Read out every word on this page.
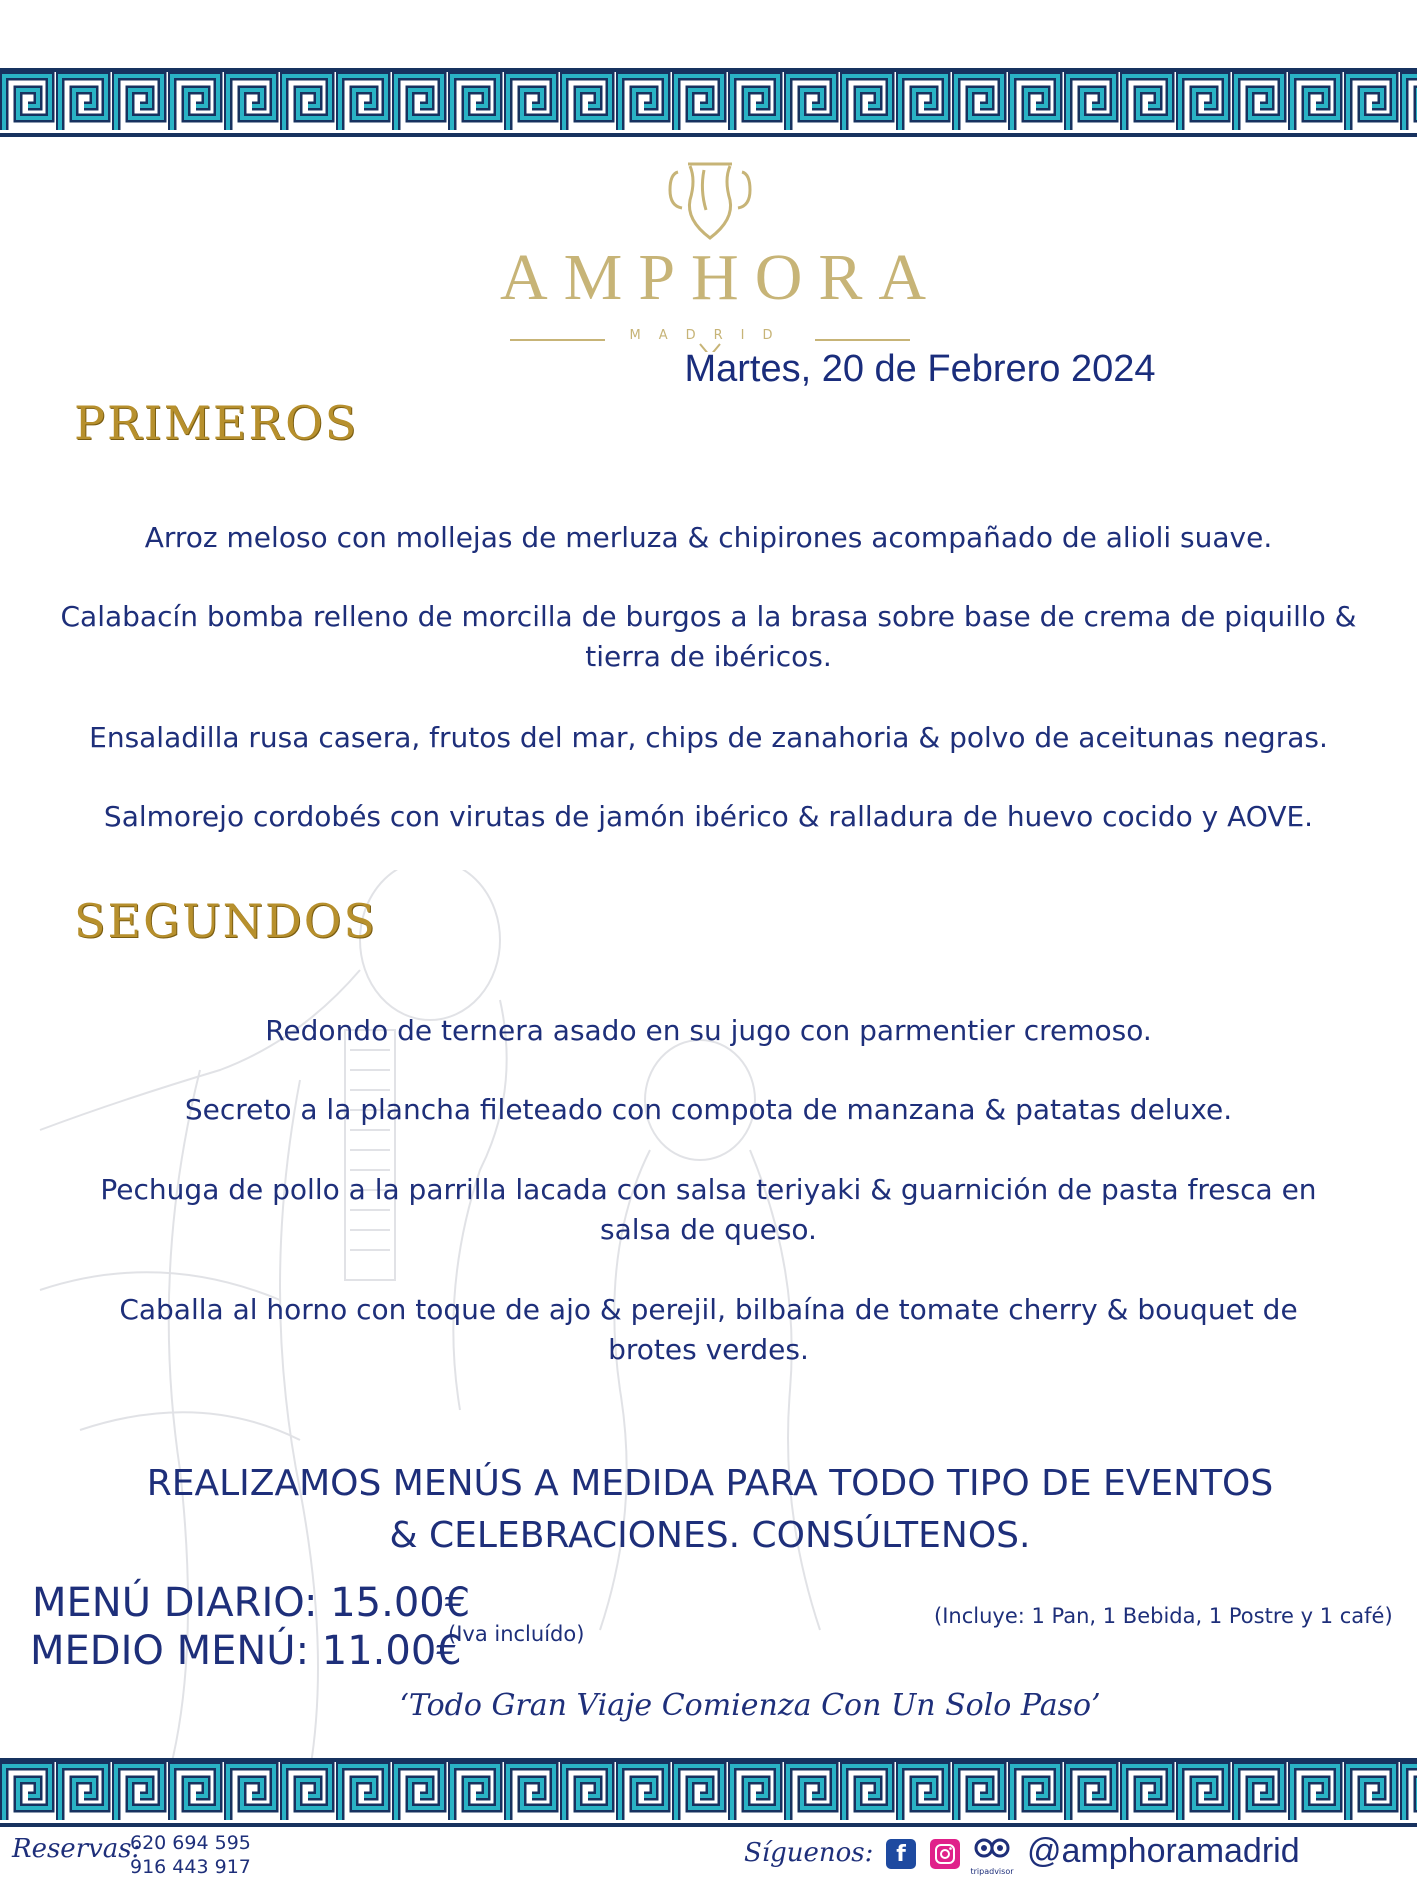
AMPHORA
MADRID
Martes, 20 de Febrero 2024
PRIMEROS
Arroz meloso con mollejas de merluza & chipirones acompañado de alioli suave.
Calabacín bomba relleno de morcilla de burgos a la brasa sobre base de crema de piquillo & tierra de ibéricos.
Ensaladilla rusa casera, frutos del mar, chips de zanahoria & polvo de aceitunas negras.
Salmorejo cordobés con virutas de jamón ibérico & ralladura de huevo cocido y AOVE.
SEGUNDOS
Redondo de ternera asado en su jugo con parmentier cremoso.
Secreto a la plancha fileteado con compota de manzana & patatas deluxe.
Pechuga de pollo a la parrilla lacada con salsa teriyaki & guarnición de pasta fresca en salsa de queso.
Caballa al horno con toque de ajo & perejil, bilbaína de tomate cherry & bouquet de brotes verdes.
REALIZAMOS MENÚS A MEDIDA PARA TODO TIPO DE EVENTOS & CELEBRACIONES. CONSÚLTENOS.
MENÚ DIARIO: 15.00€
MEDIO MENÚ: 11.00€
(Iva incluído)
(Incluye: 1 Pan, 1 Bebida, 1 Postre y 1 café)
‘Todo Gran Viaje Comienza Con Un Solo Paso’
Reservas:
620 694 595
916 443 917	Síguenos:	f
tripadvisor
@amphoramadrid
